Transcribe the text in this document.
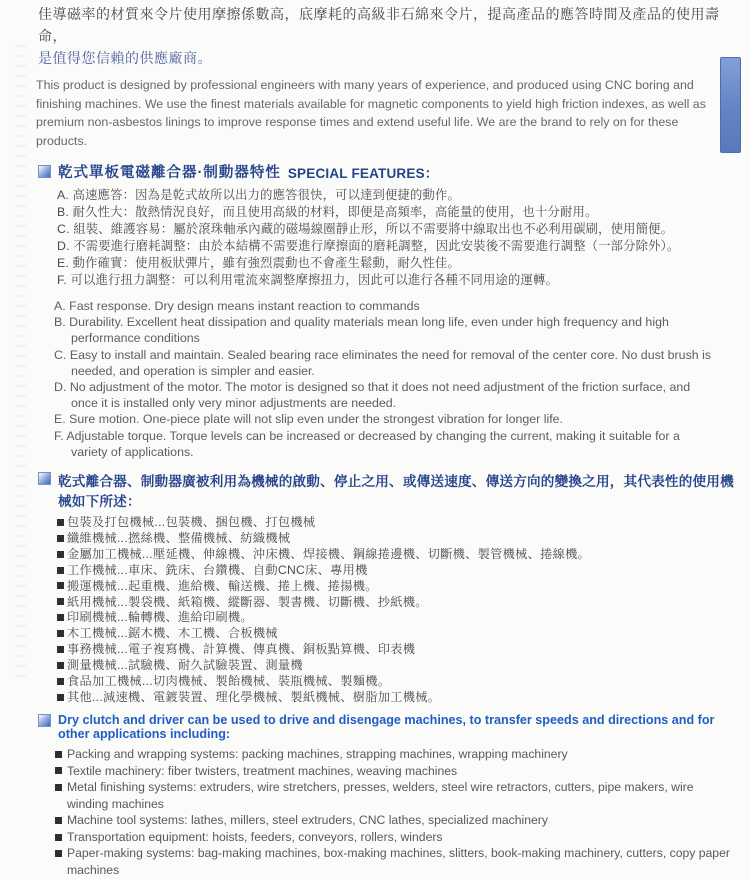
佳導磁率的材質來令片使用摩擦係數高，底摩耗的高級非石綿來令片，提高產品的應答時間及產品的使用壽命，
是值得您信賴的供應廠商。

This product is designed by professional engineers with many years of experience, and produced using CNC boring and finishing machines. We use the finest materials available for magnetic components to yield high friction indexes, as well as premium non-asbestos linings to improve response times and extend useful life. We are the brand to rely on for these products.

乾式單板電磁離合器·制動器特性 SPECIAL FEATURES：
A. 高速應答：因為是乾式故所以出力的應答很快，可以達到便捷的動作。
B. 耐久性大：散熱情況良好，而且使用高級的材料，即便是高頻率，高能量的使用，也十分耐用。
C. 組裝、維護容易：屬於滾珠軸承內藏的磁場線圈靜止形，所以不需要將中線取出也不必利用碳刷，使用簡便。
D. 不需要進行磨耗調整：由於本結構不需要進行摩擦面的磨耗調整，因此安裝後不需要進行調整（一部分除外）。
E. 動作確實：使用板狀彈片，雖有強烈震動也不會產生鬆動，耐久性佳。
F. 可以進行扭力調整：可以利用電流來調整摩擦扭力，因此可以進行各種不同用途的運轉。
A. Fast response. Dry design means instant reaction to commands
B. Durability. Excellent heat dissipation and quality materials mean long life, even under high frequency and high performance conditions
C. Easy to install and maintain. Sealed bearing race eliminates the need for removal of the center core. No dust brush is needed, and operation is simpler and easier.
D. No adjustment of the motor. The motor is designed so that it does not need adjustment of the friction surface, and once it is installed only very minor adjustments are needed.
E. Sure motion. One-piece plate will not slip even under the strongest vibration for longer life.
F. Adjustable torque. Torque levels can be increased or decreased by changing the current, making it suitable for a variety of applications.
乾式離合器、制動器廣被利用為機械的啟動、停止之用、或傳送速度、傳送方向的變換之用，其代表性的使用機械如下所述：
包裝及打包機械...包裝機、捆包機、打包機械
纖維機械...撚絲機、整備機械、紡織機械
金屬加工機械...壓延機、伸線機、沖床機、焊接機、鋼線捲邊機、切斷機、製管機械、捲線機。
工作機械...車床、銑床、台鑽機、自動CNC床、專用機
搬運機械...起重機、進給機、輸送機、捲上機、捲揚機。
紙用機械...製袋機、紙箱機、縱斷器、製書機、切斷機、抄紙機。
印刷機械...輪轉機、進給印刷機。
木工機械...鋸木機、木工機、合板機械
事務機械...電子複寫機、計算機、傳真機、銅板點算機、印表機
測量機械...試驗機、耐久試驗裝置、測量機
食品加工機械...切肉機械、製飴機械、裝瓶機械、製麵機。
其他...減速機、電鍍裝置、理化學機械、製紙機械、樹脂加工機械。
Dry clutch and driver can be used to drive and disengage machines, to transfer speeds and directions and for other applications including:
Packing and wrapping systems: packing machines, strapping machines, wrapping machinery
Textile machinery: fiber twisters, treatment machines, weaving machines
Metal finishing systems: extruders, wire stretchers, presses, welders, steel wire retractors, cutters, pipe makers, wire winding machines
Machine tool systems: lathes, millers, steel extruders, CNC lathes, specialized machinery
Transportation equipment: hoists, feeders, conveyors, rollers, winders
Paper-making systems: bag-making machines, box-making machines, slitters, book-making machinery, cutters, copy paper machines
